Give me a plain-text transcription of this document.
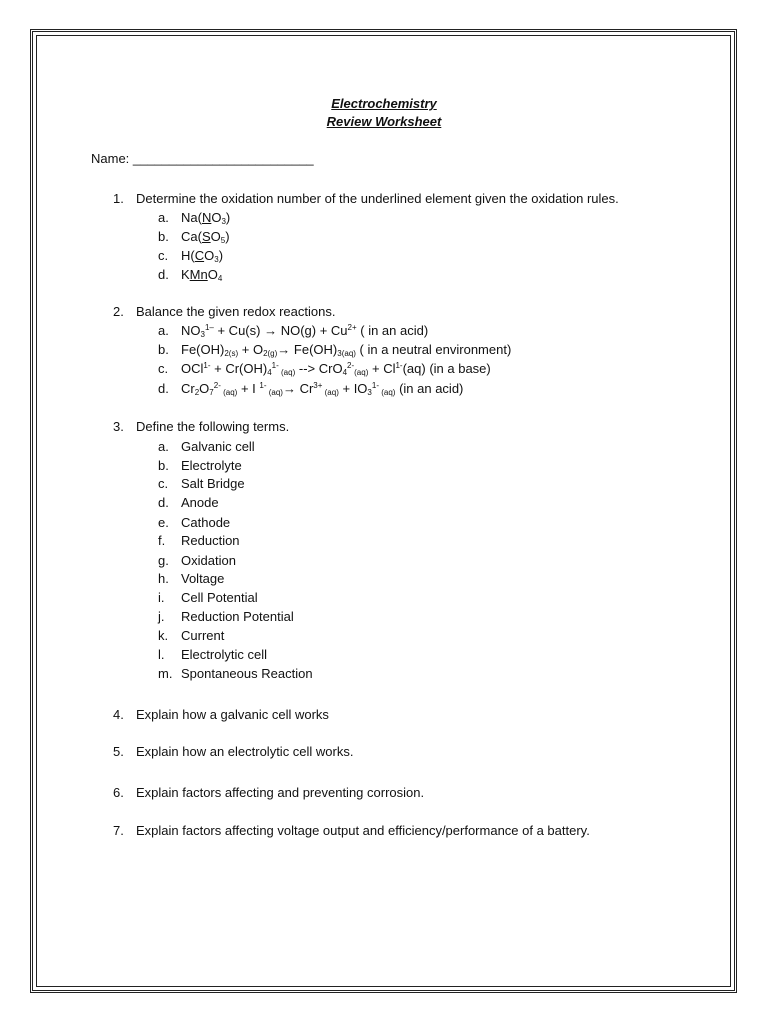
Electrochemistry
Review Worksheet
Name: _________________________
1. Determine the oxidation number of the underlined element given the oxidation rules.
a. $Na(NO_3)$
b. $Ca(SO_5)$
c. $H(CO_3)$
d. KMnO$_4$
2. Balance the given redox reactions.
a. $NO_3^{1-} + Cu(s) \to NO(g) + Cu^{2+}$ ( in an acid)
b. $Fe(OH)_{2(s)} + O_{2(g)}\to Fe(OH)_{3(aq)}$ ( in a neutral environment)
c. $OCl^{1-} + Cr(OH)_4^{1-}$ $_{(aq)}$ --> $CrO_4^{2-}_{(aq)} + Cl^{1-}(aq)$ (in a base)
d. $Cr_2O_7^{2-}$ $_{(aq)}$ + I $^{1-}$ $_{(aq)}\to Cr^{3+}$ $_{(aq)} + IO_3^{1-}$ $_{(aq)}$ (in an acid)
3. Define the following terms.
a. Galvanic cell
b. Electrolyte
c. Salt Bridge
d. Anode
e. Cathode
f. Reduction
g. Oxidation
h. Voltage
i. Cell Potential
j. Reduction Potential
k. Current
l. Electrolytic cell
m. Spontaneous Reaction
4. Explain how a galvanic cell works
5. Explain how an electrolytic cell works.
6. Explain factors affecting and preventing corrosion.
7. Explain factors affecting voltage output and efficiency/performance of a battery.
